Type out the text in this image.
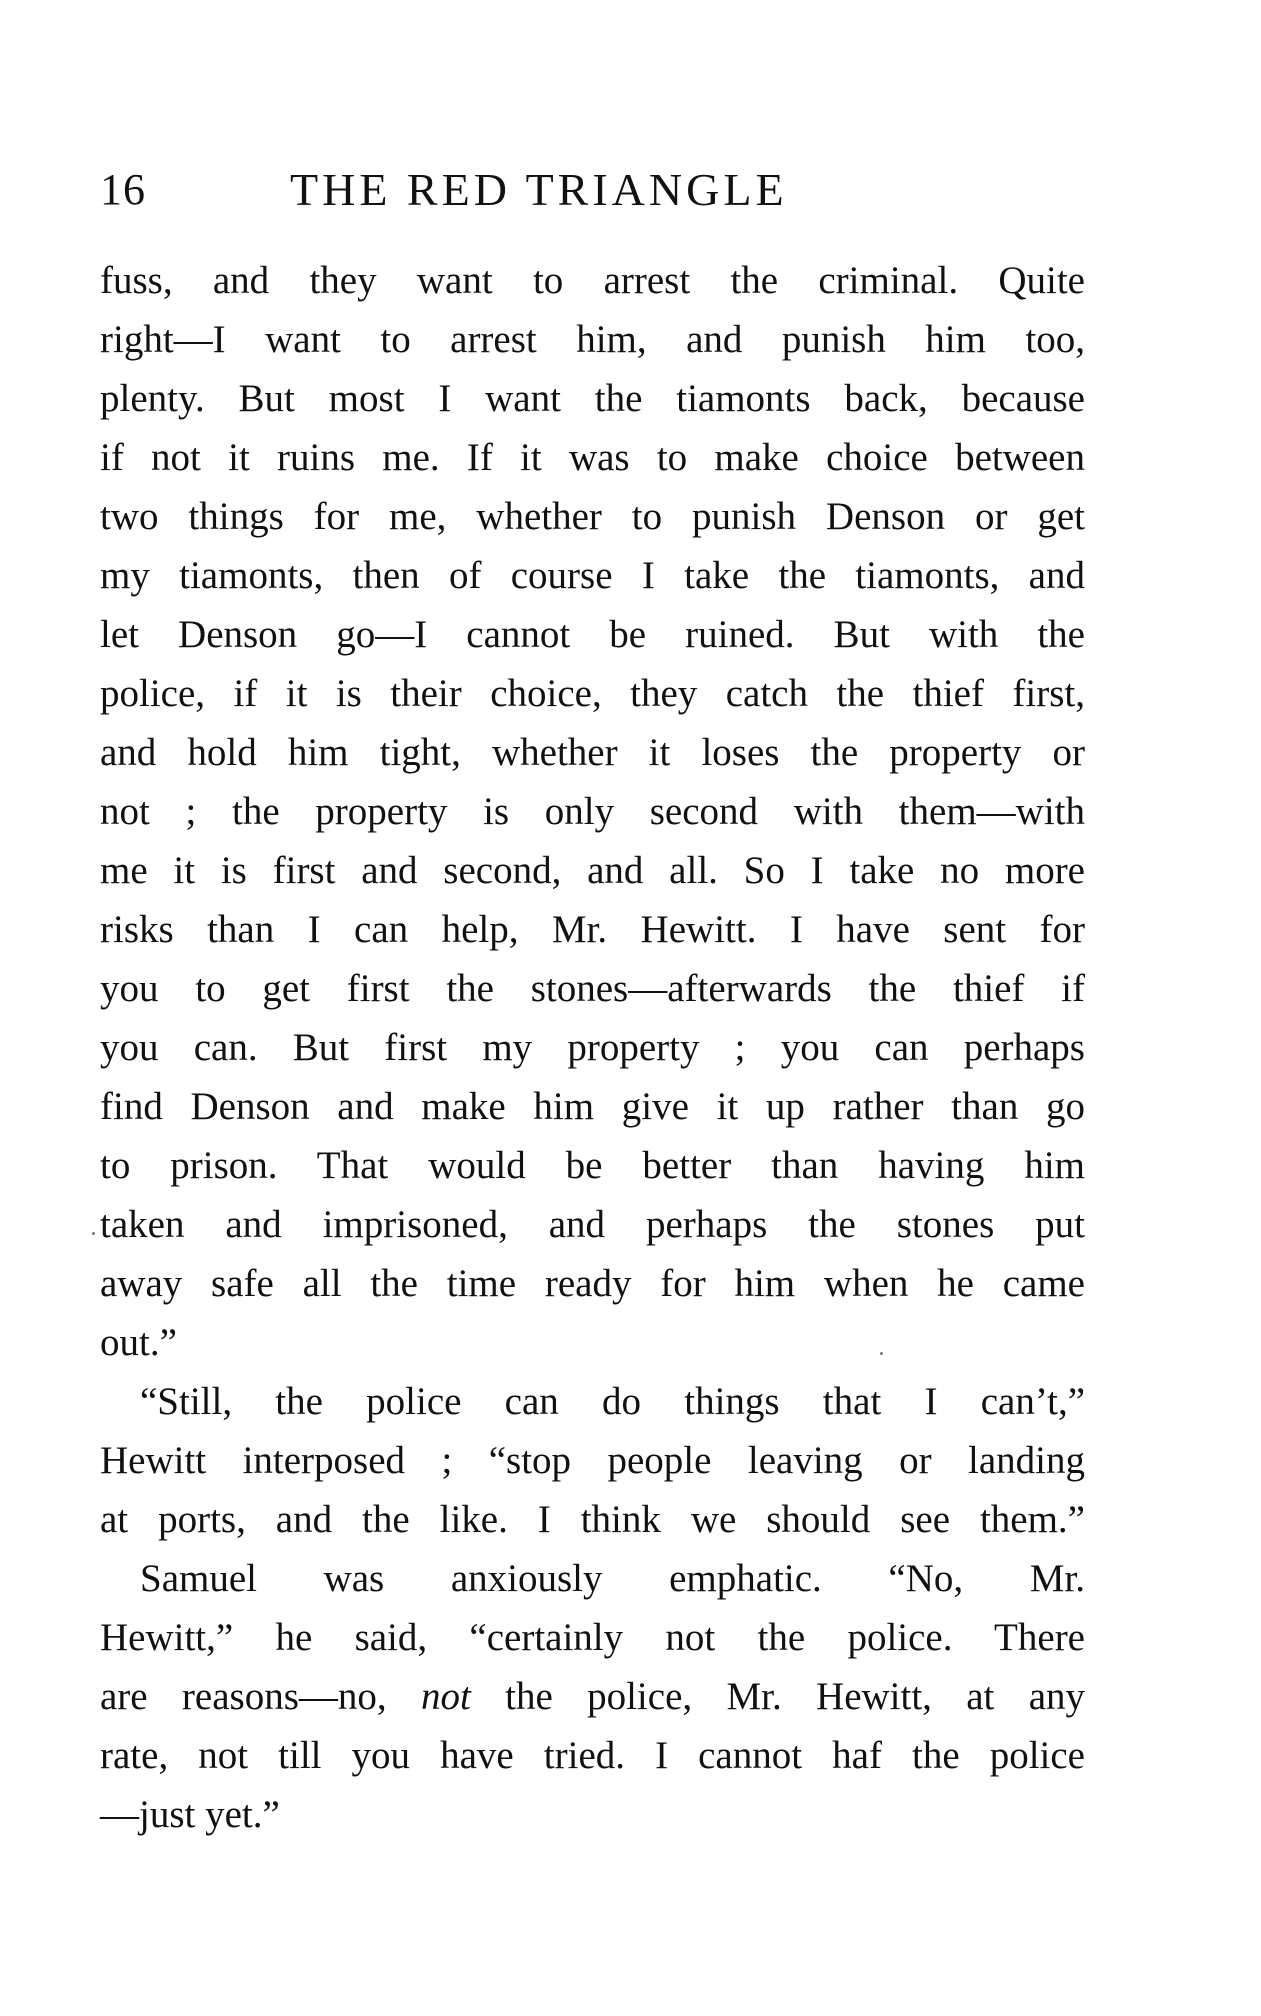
16	THE RED TRIANGLE
fuss, and they want to arrest the criminal. Quite
right—I want to arrest him, and punish him too,
plenty. But most I want the tiamonts back, because
if not it ruins me. If it was to make choice between
two things for me, whether to punish Denson or get
my tiamonts, then of course I take the tiamonts, and
let Denson go—I cannot be ruined. But with the
police, if it is their choice, they catch the thief first,
and hold him tight, whether it loses the property or
not ; the property is only second with them—with
me it is first and second, and all. So I take no more
risks than I can help, Mr. Hewitt. I have sent for
you to get first the stones—afterwards the thief if
you can. But first my property ; you can perhaps
find Denson and make him give it up rather than go
to prison. That would be better than having him
taken and imprisoned, and perhaps the stones put
away safe all the time ready for him when he came
out.”
“Still, the police can do things that I can’t,”
Hewitt interposed ; “stop people leaving or landing
at ports, and the like. I think we should see them.”
Samuel was anxiously emphatic. “No, Mr.
Hewitt,” he said, “certainly not the police. There
are reasons—no, not the police, Mr. Hewitt, at any
rate, not till you have tried. I cannot haf the police
—just yet.”
